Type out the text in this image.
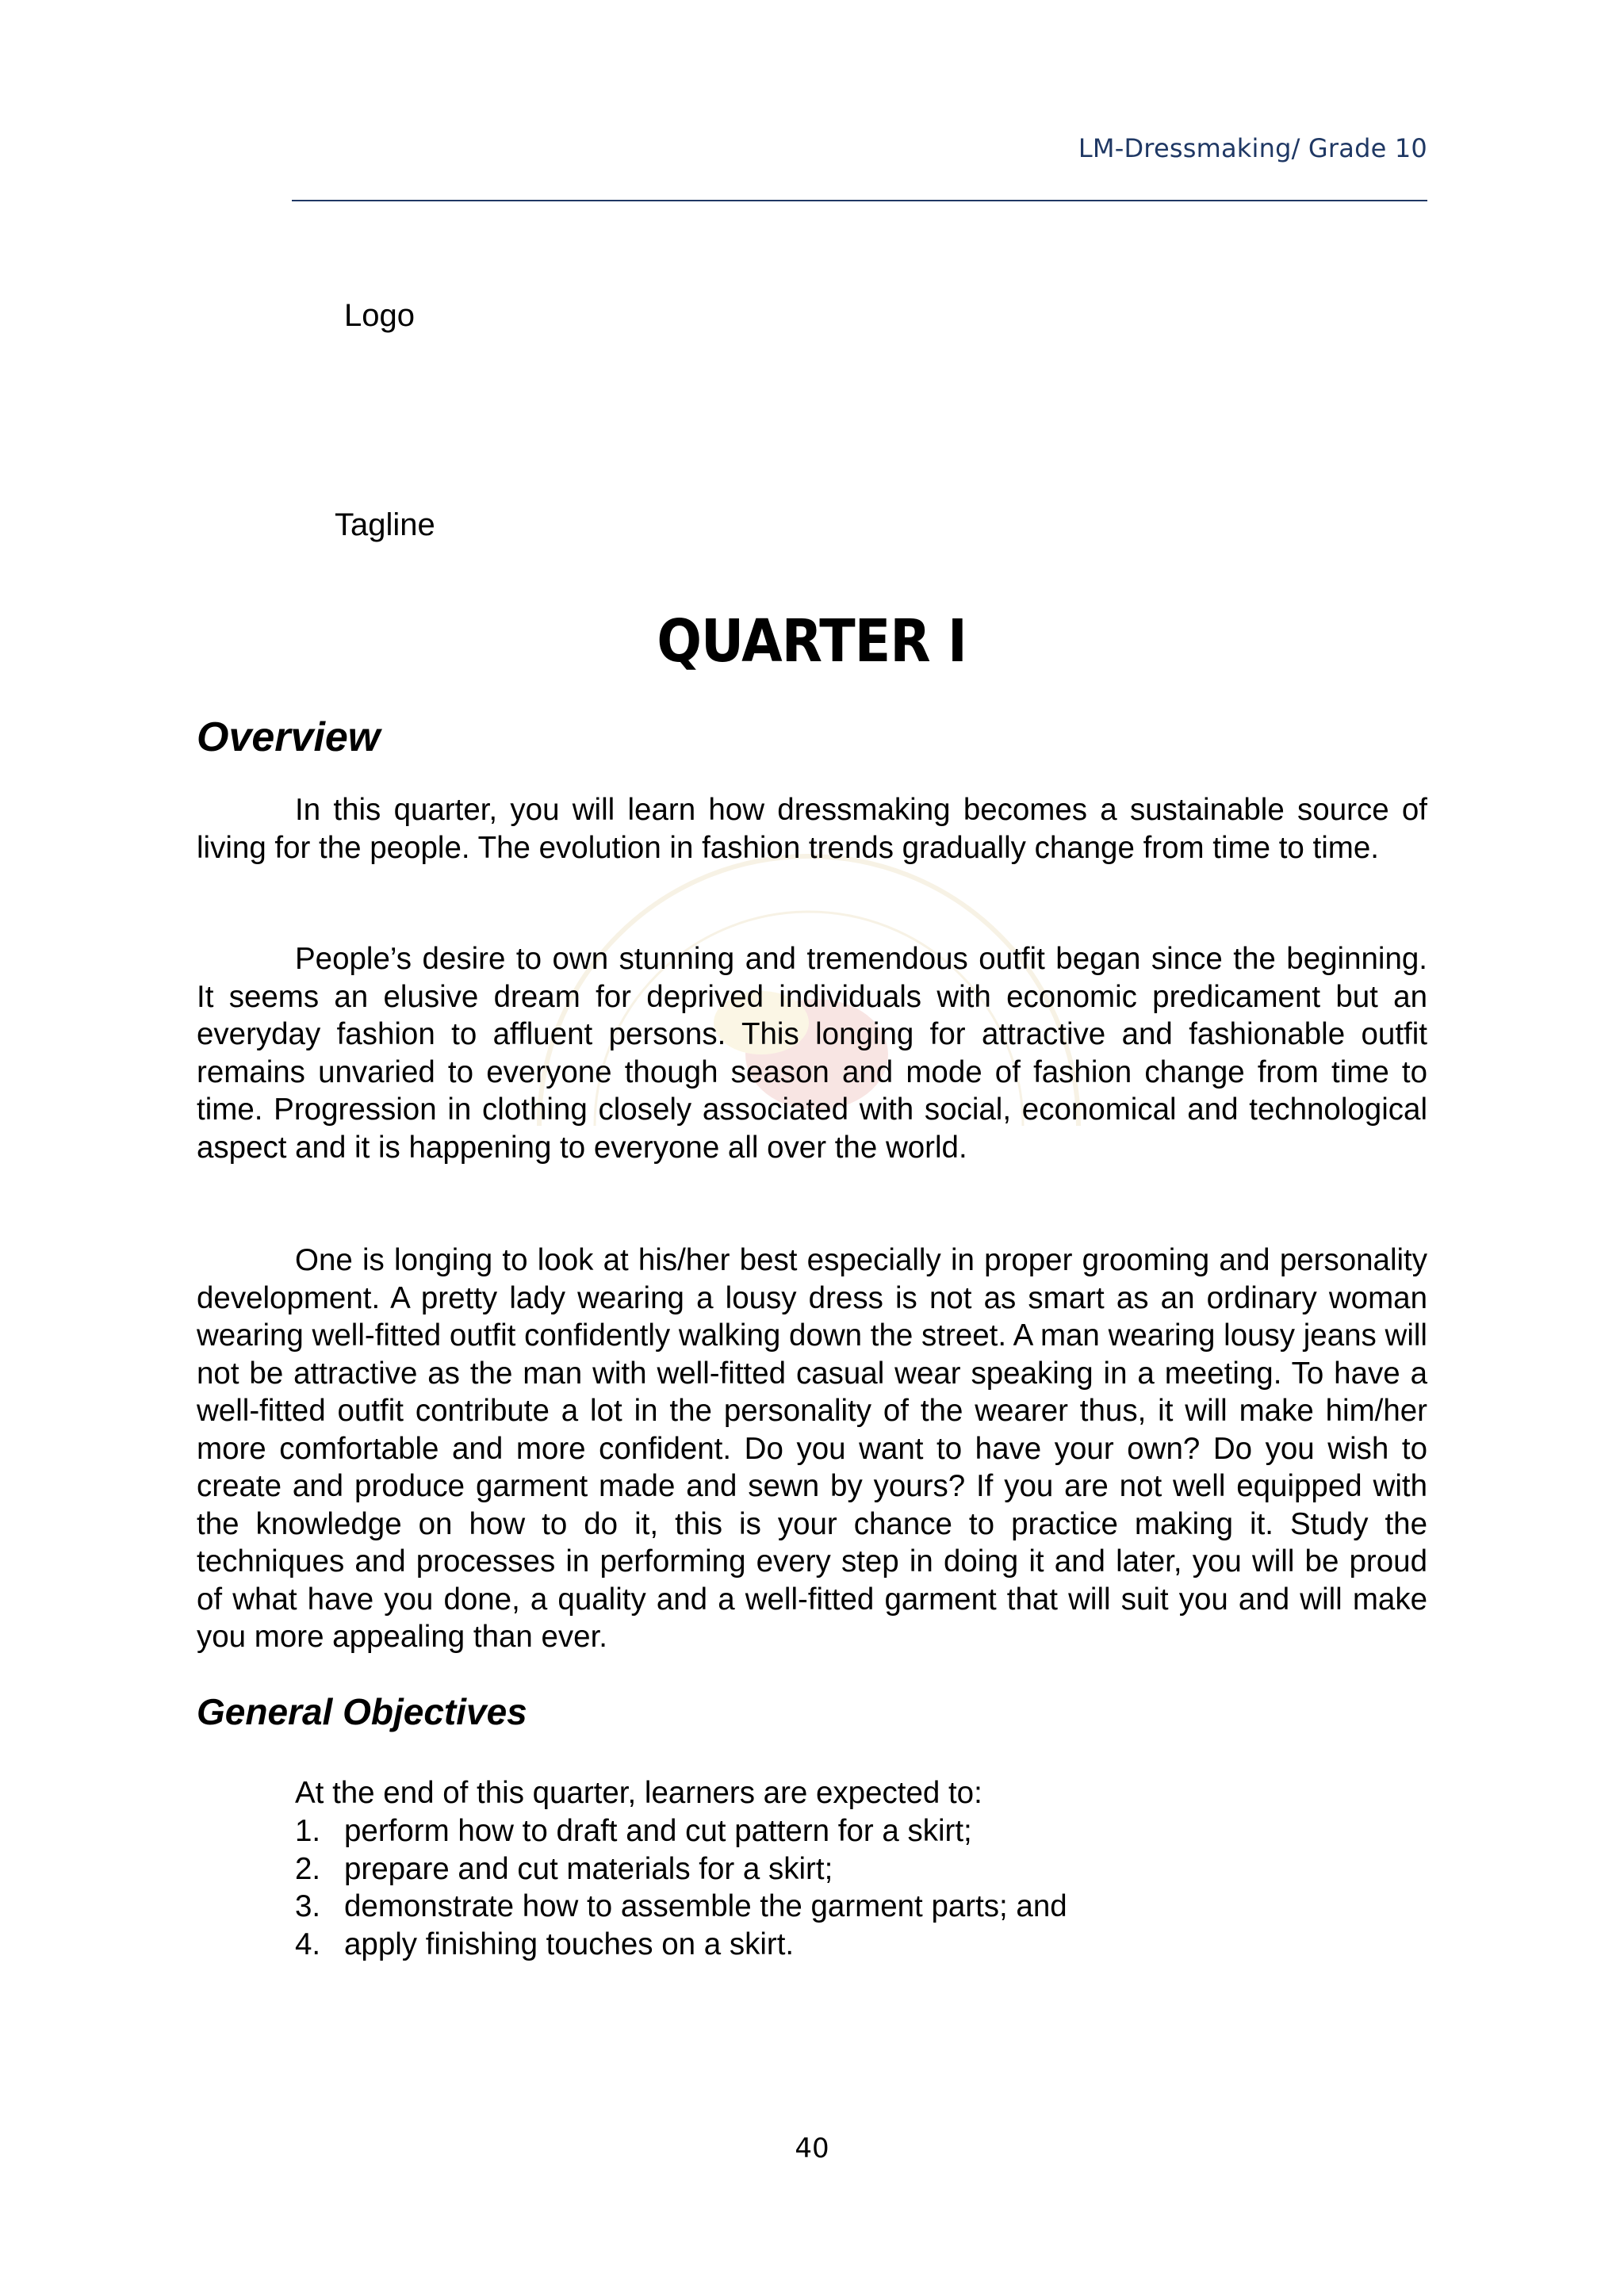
LM-Dressmaking/ Grade 10
Logo
Tagline
QUARTER I
Overview

In this quarter, you will learn how dressmaking becomes a sustainable source of living for the people. The evolution in fashion trends gradually change from time to time.

People’s desire to own stunning and tremendous outfit began since the beginning. It seems an elusive dream for deprived individuals with economic predicament but an everyday fashion to affluent persons. This longing for attractive and fashionable outfit remains unvaried to everyone though season and mode of fashion change from time to time. Progression in clothing closely associated with social, economical and technological aspect and it is happening to everyone all over the world.

One is longing to look at his/her best especially in proper grooming and personality development. A pretty lady wearing a lousy dress is not as smart as an ordinary woman wearing well-fitted outfit confidently walking down the street. A man wearing lousy jeans will not be attractive as the man with well-fitted casual wear speaking in a meeting. To have a well-fitted outfit contribute a lot in the personality of the wearer thus, it will make him/her more comfortable and more confident. Do you want to have your own? Do you wish to create and produce garment made and sewn by yours? If you are not well equipped with the knowledge on how to do it, this is your chance to practice making it. Study the techniques and processes in performing every step in doing it and later, you will be proud of what have you done, a quality and a well-fitted garment that will suit you and will make you more appealing than ever.

General Objectives
At the end of this quarter, learners are expected to:
1. perform how to draft and cut pattern for a skirt;
2. prepare and cut materials for a skirt;
3. demonstrate how to assemble the garment parts; and
4. apply finishing touches on a skirt.
40
